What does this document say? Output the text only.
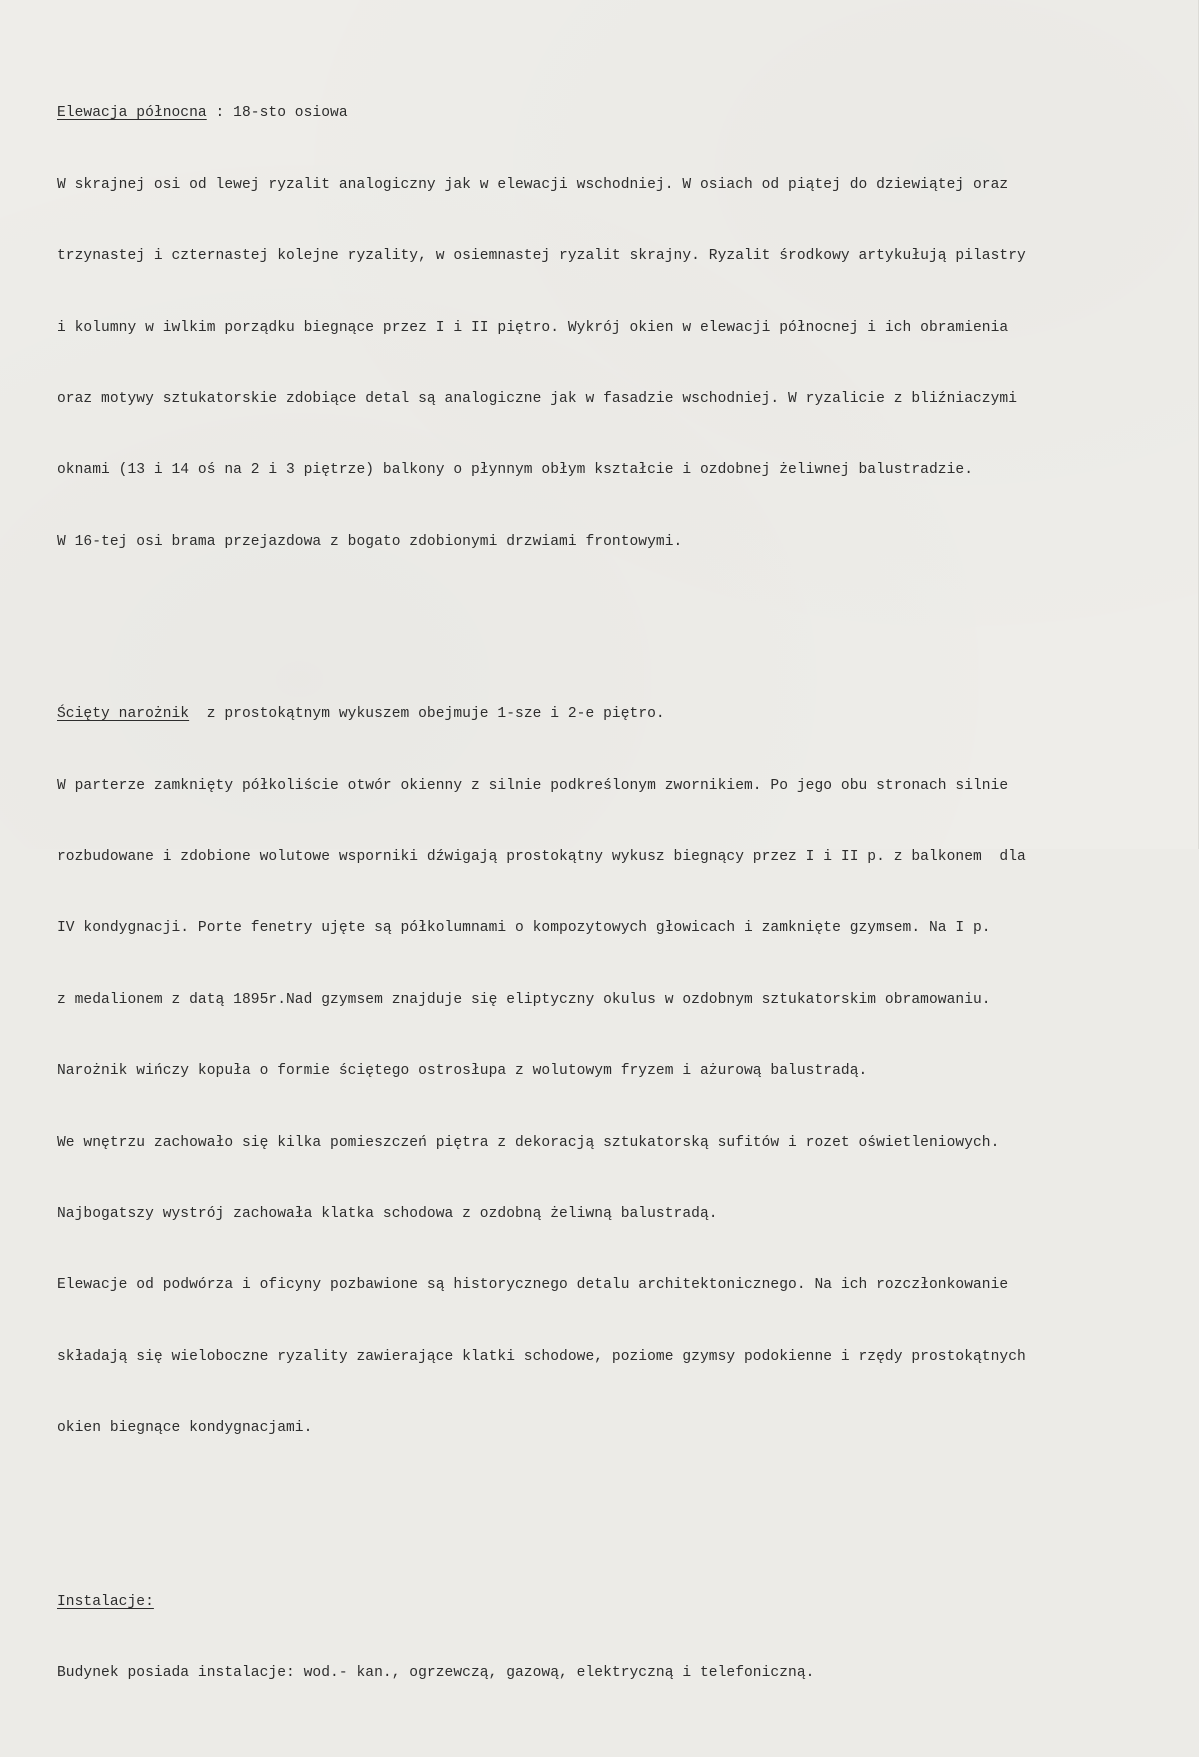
Elewacja północna : 18-sto osiowa

W skrajnej osi od lewej ryzalit analogiczny jak w elewacji wschodniej. W osiach od piątej do dziewiątej oraz

trzynastej i czternastej kolejne ryzality, w osiemnastej ryzalit skrajny. Ryzalit środkowy artykułują pilastry

i kolumny w iwlkim porządku biegnące przez I i II piętro. Wykrój okien w elewacji północnej i ich obramienia

oraz motywy sztukatorskie zdobiące detal są analogiczne jak w fasadzie wschodniej. W ryzalicie z bliźniaczymi

oknami (13 i 14 oś na 2 i 3 piętrze) balkony o płynnym obłym kształcie i ozdobnej żeliwnej balustradzie.

W 16-tej osi brama przejazdowa z bogato zdobionymi drzwiami frontowymi.

Ścięty narożnik  z prostokątnym wykuszem obejmuje 1-sze i 2-e piętro.

W parterze zamknięty półkoliście otwór okienny z silnie podkreślonym zwornikiem. Po jego obu stronach silnie

rozbudowane i zdobione wolutowe wsporniki dźwigają prostokątny wykusz biegnący przez I i II p. z balkonem  dla

IV kondygnacji. Porte fenetry ujęte są półkolumnami o kompozytowych głowicach i zamknięte gzymsem. Na I p.

z medalionem z datą 1895r.Nad gzymsem znajduje się eliptyczny okulus w ozdobnym sztukatorskim obramowaniu.

Narożnik wińczy kopuła o formie ściętego ostrosłupa z wolutowym fryzem i ażurową balustradą.

We wnętrzu zachowało się kilka pomieszczeń piętra z dekoracją sztukatorską sufitów i rozet oświetleniowych.

Najbogatszy wystrój zachowała klatka schodowa z ozdobną żeliwną balustradą.

Elewacje od podwórza i oficyny pozbawione są historycznego detalu architektonicznego. Na ich rozczłonkowanie

składają się wieloboczne ryzality zawierające klatki schodowe, poziome gzymsy podokienne i rzędy prostokątnych

okien biegnące kondygnacjami.

Instalacje:

Budynek posiada instalacje: wod.- kan., ogrzewczą, gazową, elektryczną i telefoniczną.
